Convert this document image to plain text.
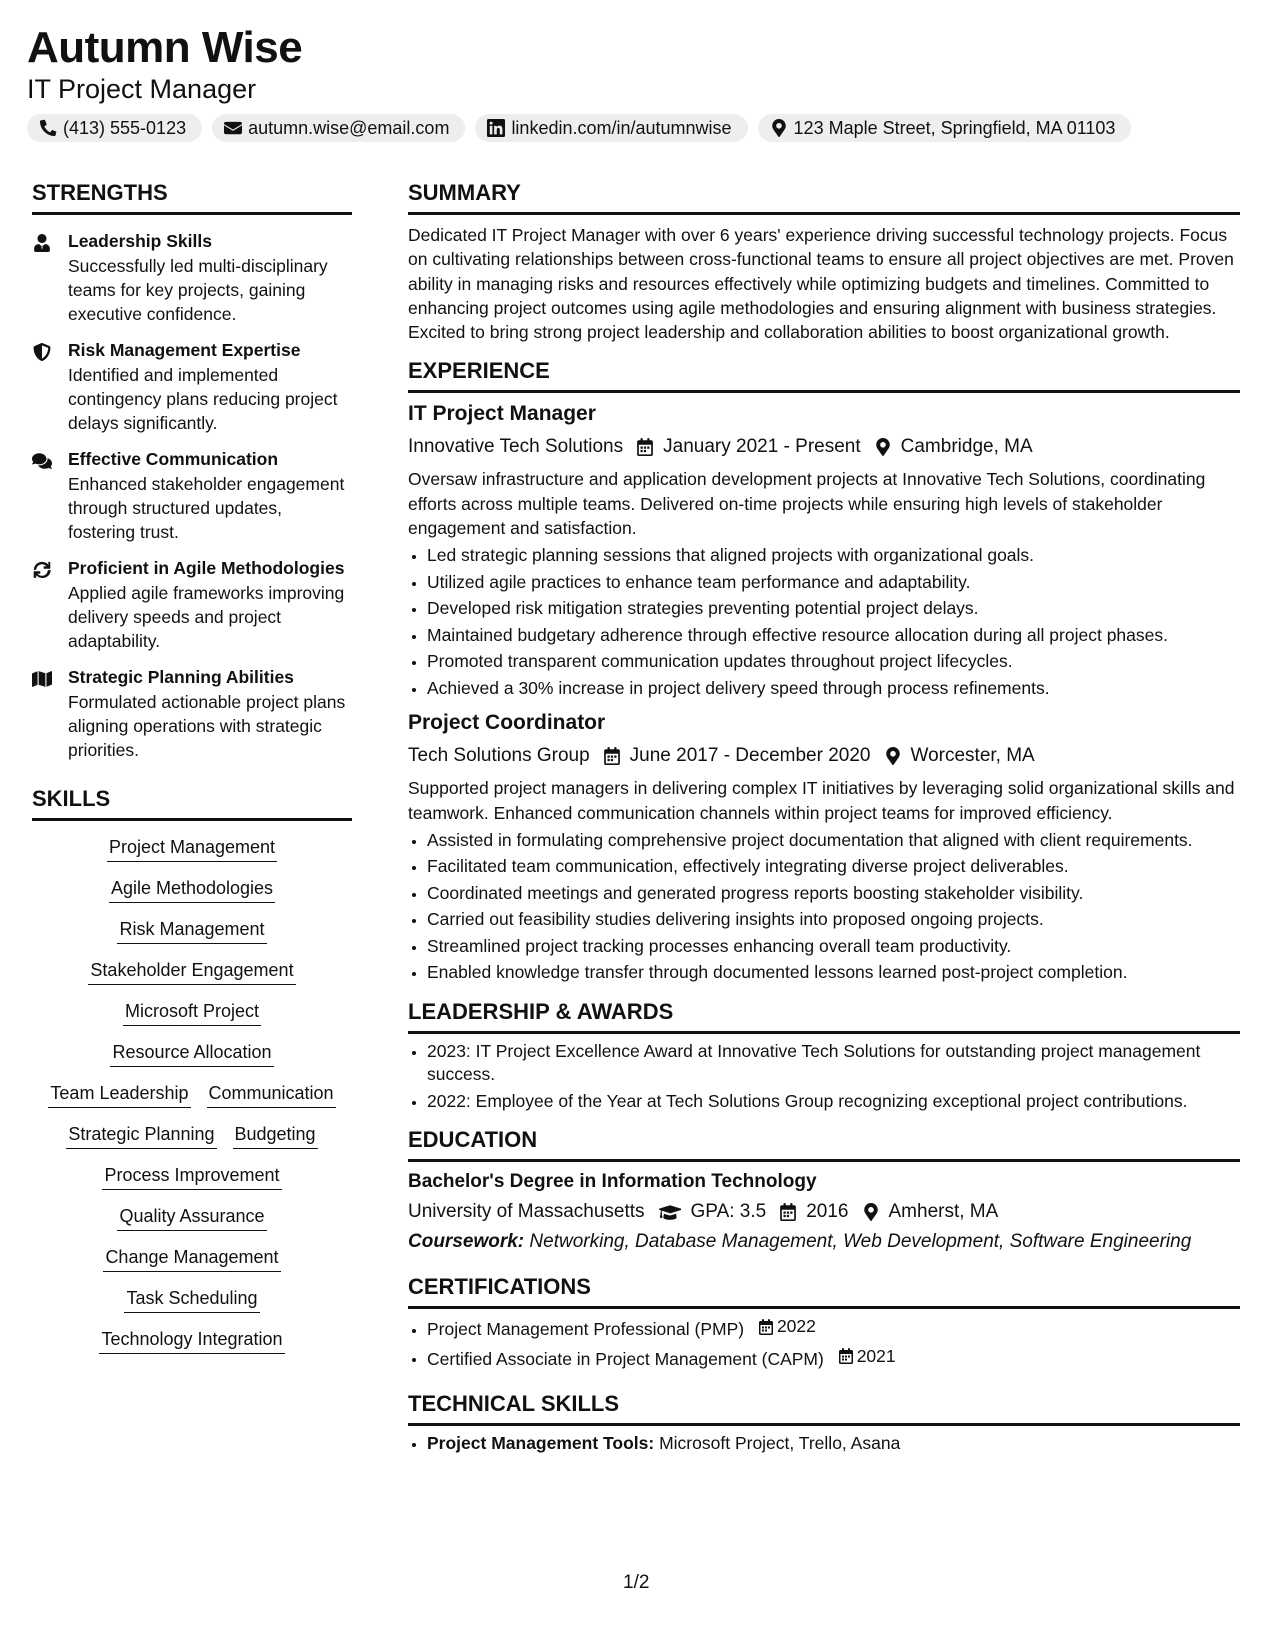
Autumn Wise
IT Project Manager
(413) 555-0123	autumn.wise@email.com	linkedin.com/in/autumnwise	123 Maple Street, Springfield, MA 01103
STRENGTHS
Leadership Skills
Successfully led multi-disciplinary teams for key projects, gaining executive confidence.
Risk Management Expertise
Identified and implemented contingency plans reducing project delays significantly.
Effective Communication
Enhanced stakeholder engagement through structured updates, fostering trust.
Proficient in Agile Methodologies
Applied agile frameworks improving delivery speeds and project adaptability.
Strategic Planning Abilities
Formulated actionable project plans aligning operations with strategic priorities.
SKILLS
Project Management
Agile Methodologies
Risk Management
Stakeholder Engagement
Microsoft Project
Resource Allocation
Team Leadership Communication
Strategic Planning Budgeting
Process Improvement
Quality Assurance
Change Management
Task Scheduling
Technology Integration
SUMMARY

Dedicated IT Project Manager with over 6 years' experience driving successful technology projects. Focus on cultivating relationships between cross-functional teams to ensure all project objectives are met. Proven ability in managing risks and resources effectively while optimizing budgets and timelines. Committed to enhancing project outcomes using agile methodologies and ensuring alignment with business strategies. Excited to bring strong project leadership and collaboration abilities to boost organizational growth.

EXPERIENCE
IT Project Manager
Innovative Tech Solutions January 2021 - Present Cambridge, MA

Oversaw infrastructure and application development projects at Innovative Tech Solutions, coordinating efforts across multiple teams. Delivered on-time projects while ensuring high levels of stakeholder engagement and satisfaction.

• Led strategic planning sessions that aligned projects with organizational goals.
• Utilized agile practices to enhance team performance and adaptability.
• Developed risk mitigation strategies preventing potential project delays.
• Maintained budgetary adherence through effective resource allocation during all project phases.
• Promoted transparent communication updates throughout project lifecycles.
• Achieved a 30% increase in project delivery speed through process refinements.
Project Coordinator
Tech Solutions Group June 2017 - December 2020 Worcester, MA

Supported project managers in delivering complex IT initiatives by leveraging solid organizational skills and teamwork. Enhanced communication channels within project teams for improved efficiency.

• Assisted in formulating comprehensive project documentation that aligned with client requirements.
• Facilitated team communication, effectively integrating diverse project deliverables.
• Coordinated meetings and generated progress reports boosting stakeholder visibility.
• Carried out feasibility studies delivering insights into proposed ongoing projects.
• Streamlined project tracking processes enhancing overall team productivity.
• Enabled knowledge transfer through documented lessons learned post-project completion.
LEADERSHIP & AWARDS
• 2023: IT Project Excellence Award at Innovative Tech Solutions for outstanding project management success.
• 2022: Employee of the Year at Tech Solutions Group recognizing exceptional project contributions.
EDUCATION
Bachelor's Degree in Information Technology
University of Massachusetts GPA: 3.5 2016 Amherst, MA
Coursework: Networking, Database Management, Web Development, Software Engineering
CERTIFICATIONS
• Project Management Professional (PMP) 2022
• Certified Associate in Project Management (CAPM) 2021
TECHNICAL SKILLS
• Project Management Tools: Microsoft Project, Trello, Asana
1/2
